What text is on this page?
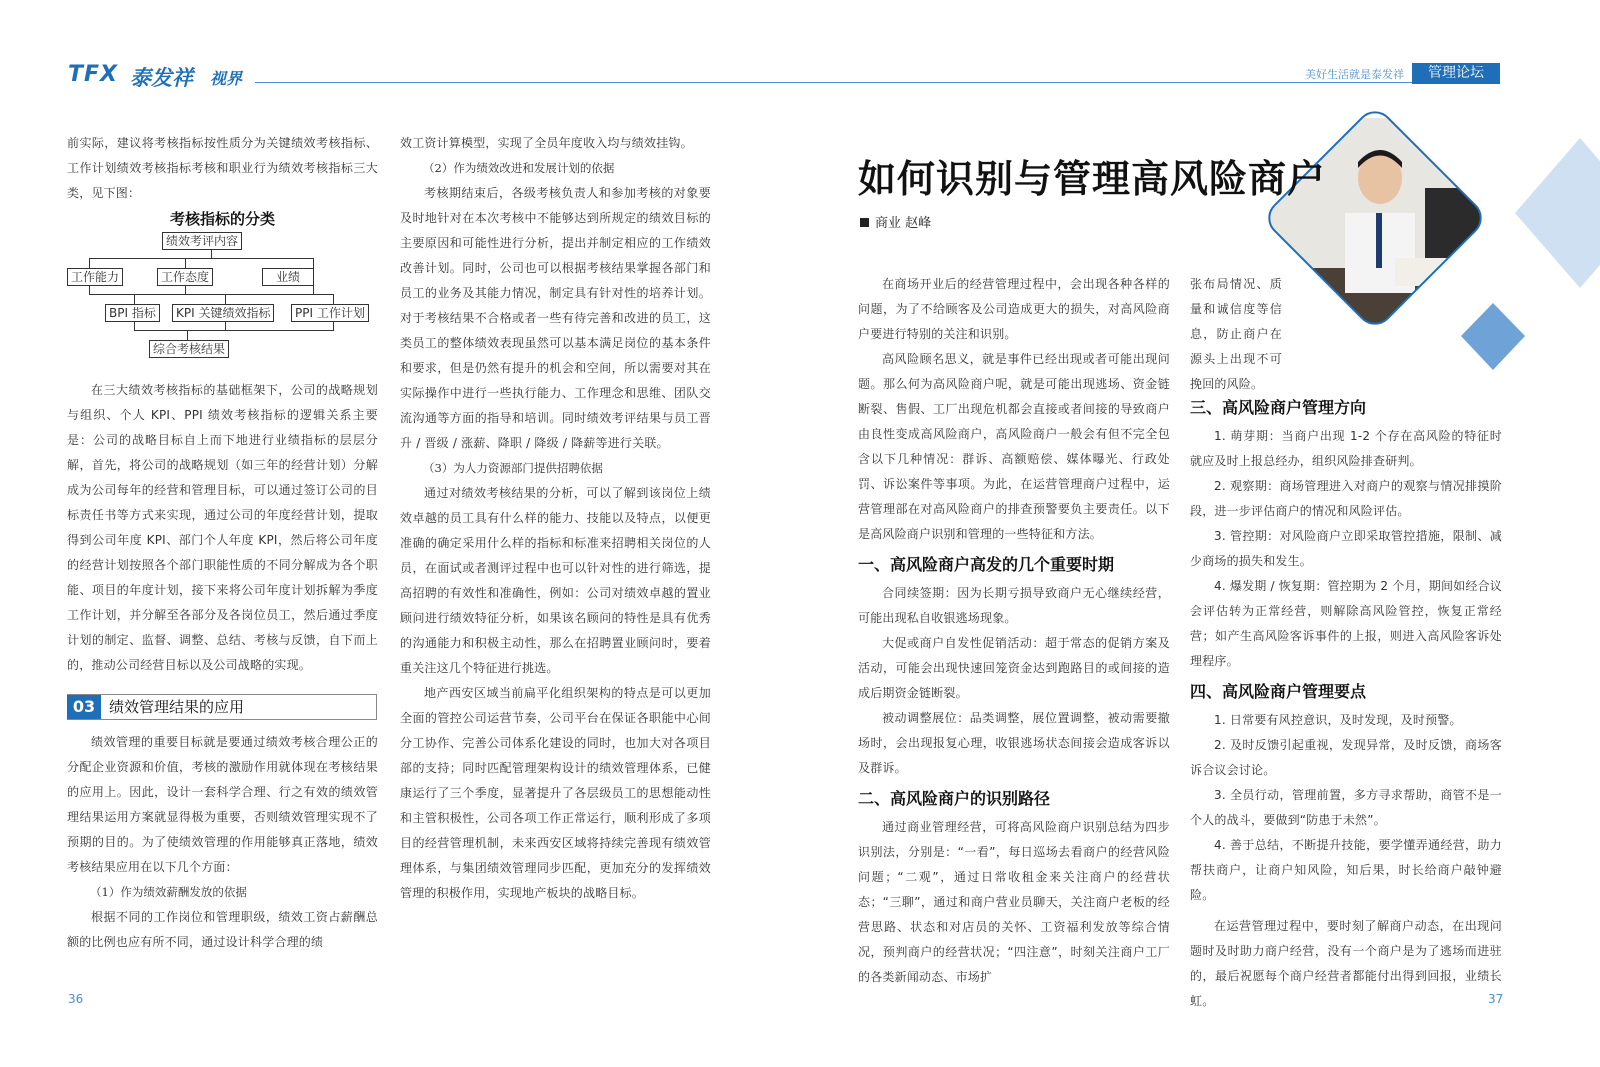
TFX 泰发祥 视界	美好生活就是泰发祥	管理论坛

前实际，建议将考核指标按性质分为关键绩效考核指标、工作计划绩效考核指标考核和职业行为绩效考核指标三大类，见下图：

考核指标的分类
绩效考评内容
工作能力	工作态度	业绩
BPI 指标	KPI 关键绩效指标	PPI 工作计划
综合考核结果

在三大绩效考核指标的基础框架下，公司的战略规划与组织、个人 KPI、PPI 绩效考核指标的逻辑关系主要是：公司的战略目标自上而下地进行业绩指标的层层分解，首先，将公司的战略规划（如三年的经营计划）分解成为公司每年的经营和管理目标，可以通过签订公司的目标责任书等方式来实现，通过公司的年度经营计划，提取得到公司年度 KPI、部门个人年度 KPI，然后将公司年度的经营计划按照各个部门职能性质的不同分解成为各个职能、项目的年度计划，接下来将公司年度计划拆解为季度工作计划，并分解至各部分及各岗位员工，然后通过季度计划的制定、监督、调整、总结、考核与反馈，自下而上的，推动公司经营目标以及公司战略的实现。

03 绩效管理结果的应用

绩效管理的重要目标就是要通过绩效考核合理公正的分配企业资源和价值，考核的激励作用就体现在考核结果的应用上。因此，设计一套科学合理、行之有效的绩效管理结果运用方案就显得极为重要，否则绩效管理实现不了预期的目的。为了使绩效管理的作用能够真正落地，绩效考核结果应用在以下几个方面：

（1）作为绩效薪酬发放的依据

根据不同的工作岗位和管理职级，绩效工资占薪酬总额的比例也应有所不同，通过设计科学合理的绩

效工资计算模型，实现了全员年度收入均与绩效挂钩。

（2）作为绩效改进和发展计划的依据

考核期结束后，各级考核负责人和参加考核的对象要及时地针对在本次考核中不能够达到所规定的绩效目标的主要原因和可能性进行分析，提出并制定相应的工作绩效改善计划。同时，公司也可以根据考核结果掌握各部门和员工的业务及其能力情况，制定具有针对性的培养计划。对于考核结果不合格或者一些有待完善和改进的员工，这类员工的整体绩效表现虽然可以基本满足岗位的基本条件和要求，但是仍然有提升的机会和空间，所以需要对其在实际操作中进行一些执行能力、工作理念和思维、团队交流沟通等方面的指导和培训。同时绩效考评结果与员工晋升 / 晋级 / 涨薪、降职 / 降级 / 降薪等进行关联。

（3）为人力资源部门提供招聘依据

通过对绩效考核结果的分析，可以了解到该岗位上绩效卓越的员工具有什么样的能力、技能以及特点，以便更准确的确定采用什么样的指标和标准来招聘相关岗位的人员，在面试或者测评过程中也可以针对性的进行筛选，提高招聘的有效性和准确性，例如：公司对绩效卓越的置业顾问进行绩效特征分析，如果该名顾问的特性是具有优秀的沟通能力和积极主动性，那么在招聘置业顾问时，要着重关注这几个特征进行挑选。

地产西安区域当前扁平化组织架构的特点是可以更加全面的管控公司运营节奏，公司平台在保证各职能中心间分工协作、完善公司体系化建设的同时，也加大对各项目部的支持；同时匹配管理架构设计的绩效管理体系，已健康运行了三个季度，显著提升了各层级员工的思想能动性和主管积极性，公司各项工作正常运行，顺利形成了多项目的经营管理机制，未来西安区域将持续完善现有绩效管理体系，与集团绩效管理同步匹配，更加充分的发挥绩效管理的积极作用，实现地产板块的战略目标。

36
如何识别与管理高风险商户
商业 赵峰

在商场开业后的经营管理过程中，会出现各种各样的问题，为了不给顾客及公司造成更大的损失，对高风险商户要进行特别的关注和识别。

高风险顾名思义，就是事件已经出现或者可能出现问题。那么何为高风险商户呢，就是可能出现逃场、资金链断裂、售假、工厂出现危机都会直接或者间接的导致商户由良性变成高风险商户，高风险商户一般会有但不完全包含以下几种情况：群诉、高额赔偿、媒体曝光、行政处罚、诉讼案件等事项。为此，在运营管理商户过程中，运营管理部在对高风险商户的排查预警要负主要责任。以下是高风险商户识别和管理的一些特征和方法。

一、高风险商户高发的几个重要时期

合同续签期：因为长期亏损导致商户无心继续经营，可能出现私自收银逃场现象。

大促或商户自发性促销活动：超于常态的促销方案及活动，可能会出现快速回笼资金达到跑路目的或间接的造成后期资金链断裂。

被动调整展位：品类调整，展位置调整，被动需要撤场时，会出现报复心理，收银逃场状态间接会造成客诉以及群诉。

二、高风险商户的识别路径

通过商业管理经营，可将高风险商户识别总结为四步识别法，分别是：“一看”，每日巡场去看商户的经营风险问题；“二观”，通过日常收租金来关注商户的经营状态；“三聊”，通过和商户营业员聊天，关注商户老板的经营思路、状态和对店员的关怀、工资福利发放等综合情况，预判商户的经营状况；“四注意”，时刻关注商户工厂的各类新闻动态、市场扩

张布局情况、质量和诚信度等信息，防止商户在源头上出现不可挽回的风险。

三、高风险商户管理方向

1. 萌芽期：当商户出现 1-2 个存在高风险的特征时就应及时上报总经办，组织风险排查研判。

2. 观察期：商场管理进入对商户的观察与情况排摸阶段，进一步评估商户的情况和风险评估。

3. 管控期：对风险商户立即采取管控措施，限制、减少商场的损失和发生。

4. 爆发期 / 恢复期：管控期为 2 个月，期间如经合议会评估转为正常经营，则解除高风险管控，恢复正常经营；如产生高风险客诉事件的上报，则进入高风险客诉处理程序。

四、高风险商户管理要点

1. 日常要有风控意识，及时发现，及时预警。

2. 及时反馈引起重视，发现异常，及时反馈，商场客诉合议会讨论。

3. 全员行动，管理前置，多方寻求帮助，商管不是一个人的战斗，要做到“防患于未然”。

4. 善于总结，不断提升技能，要学懂弄通经营，助力帮扶商户，让商户知风险，知后果，时长给商户敲钟避险。

在运营管理过程中，要时刻了解商户动态，在出现问题时及时助力商户经营，没有一个商户是为了逃场而进驻的，最后祝愿每个商户经营者都能付出得到回报，业绩长虹。	37
